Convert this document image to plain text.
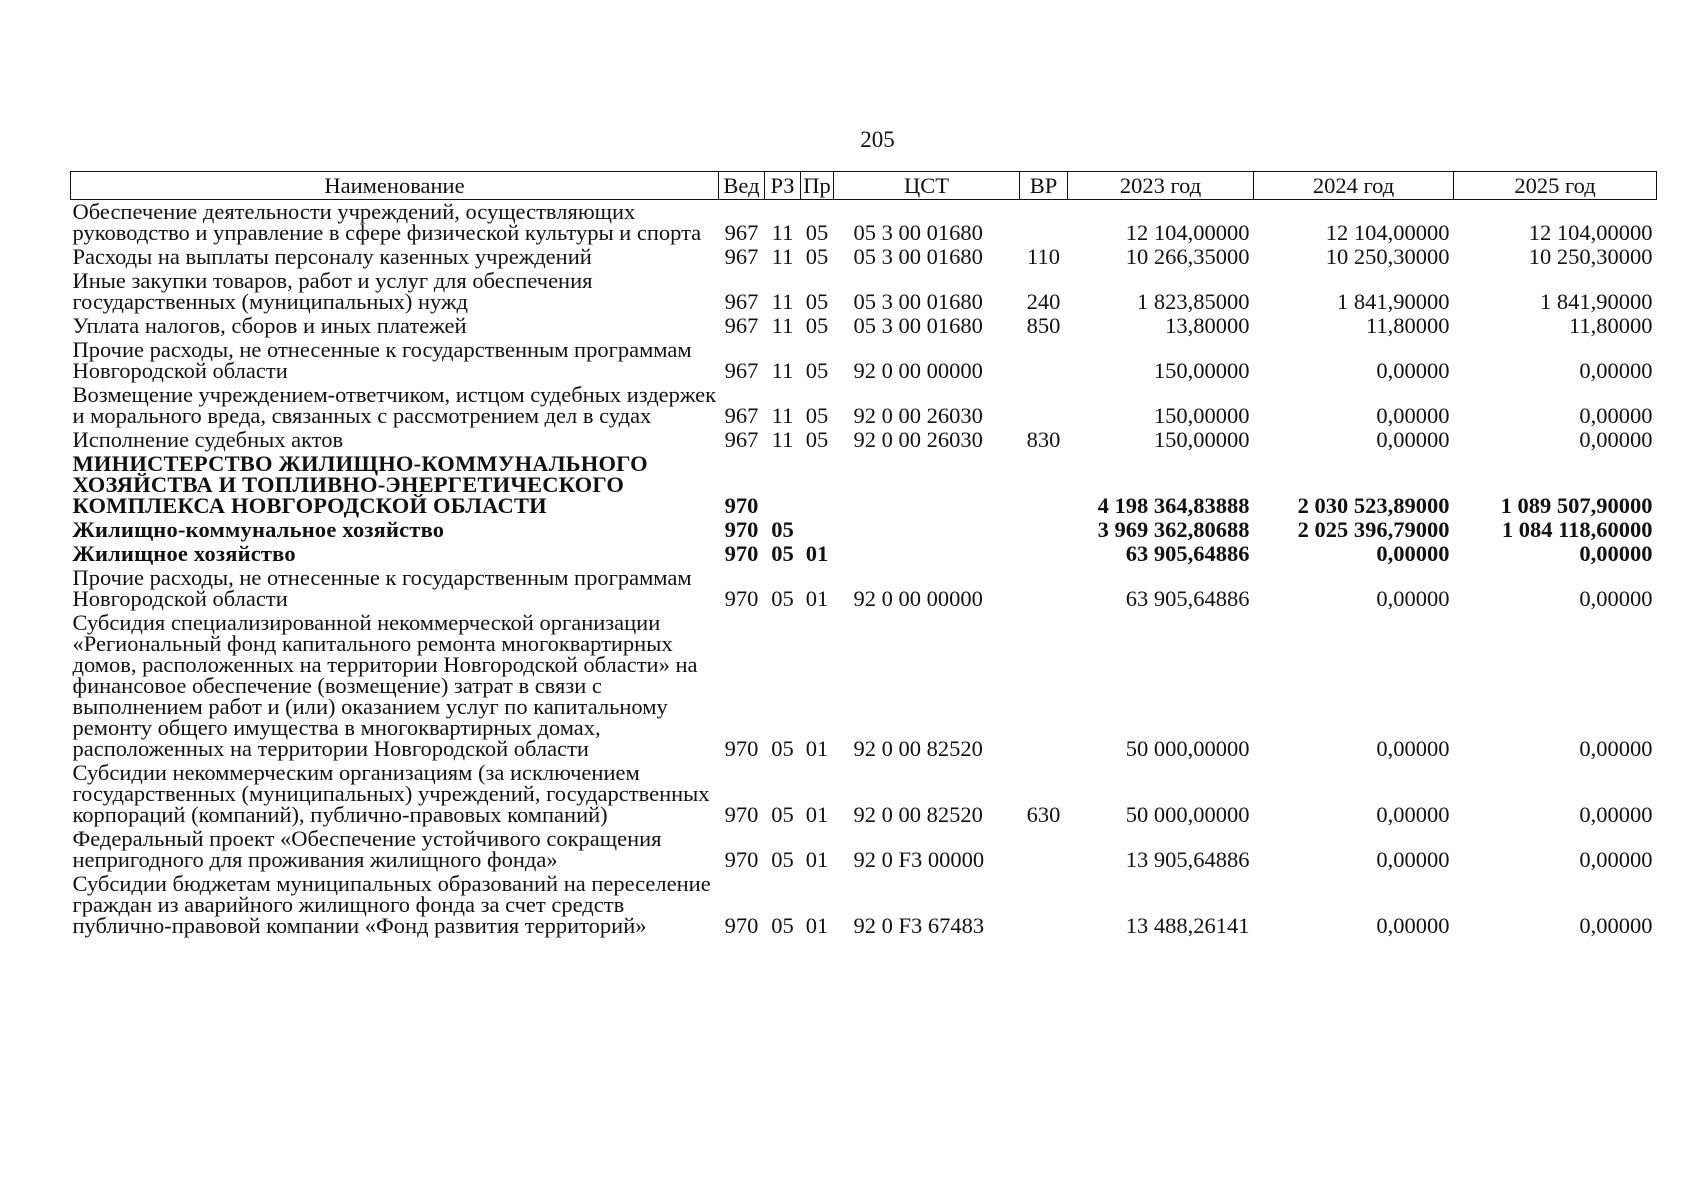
205
Наименование	Вед	РЗ	Пр	ЦСТ	ВР	2023 год	2024 год	2025 год
Обеспечение деятельности учреждений, осуществляющих руководство и управление в сфере физической культуры и спорта	967	11	05	05 3 00 01680		12 104,00000	12 104,00000	12 104,00000
Расходы на выплаты персоналу казенных учреждений	967	11	05	05 3 00 01680	110	10 266,35000	10 250,30000	10 250,30000
Иные закупки товаров, работ и услуг для обеспечения государственных (муниципальных) нужд	967	11	05	05 3 00 01680	240	1 823,85000	1 841,90000	1 841,90000
Уплата налогов, сборов и иных платежей	967	11	05	05 3 00 01680	850	13,80000	11,80000	11,80000
Прочие расходы, не отнесенные к государственным программам Новгородской области	967	11	05	92 0 00 00000		150,00000	0,00000	0,00000
Возмещение учреждением-ответчиком, истцом судебных издержек и морального вреда, связанных с рассмотрением дел в судах	967	11	05	92 0 00 26030		150,00000	0,00000	0,00000
Исполнение судебных актов	967	11	05	92 0 00 26030	830	150,00000	0,00000	0,00000
МИНИСТЕРСТВО ЖИЛИЩНО-КОММУНАЛЬНОГО ХОЗЯЙСТВА И ТОПЛИВНО-ЭНЕРГЕТИЧЕСКОГО КОМПЛЕКСА НОВГОРОДСКОЙ ОБЛАСТИ	970					4 198 364,83888	2 030 523,89000	1 089 507,90000
Жилищно-коммунальное хозяйство	970	05				3 969 362,80688	2 025 396,79000	1 084 118,60000
Жилищное хозяйство	970	05	01			63 905,64886	0,00000	0,00000
Прочие расходы, не отнесенные к государственным программам Новгородской области	970	05	01	92 0 00 00000		63 905,64886	0,00000	0,00000
Субсидия специализированной некоммерческой организации «Региональный фонд капитального ремонта многоквартирных домов, расположенных на территории Новгородской области» на финансовое обеспечение (возмещение) затрат в связи с выполнением работ и (или) оказанием услуг по капитальному ремонту общего имущества в многоквартирных домах, расположенных на территории Новгородской области	970	05	01	92 0 00 82520		50 000,00000	0,00000	0,00000
Субсидии некоммерческим организациям (за исключением государственных (муниципальных) учреждений, государственных корпораций (компаний), публично-правовых компаний)	970	05	01	92 0 00 82520	630	50 000,00000	0,00000	0,00000
Федеральный проект «Обеспечение устойчивого сокращения непригодного для проживания жилищного фонда»	970	05	01	92 0 F3 00000		13 905,64886	0,00000	0,00000
Субсидии бюджетам муниципальных образований на переселение граждан из аварийного жилищного фонда за счет средств публично-правовой компании «Фонд развития территорий»	970	05	01	92 0 F3 67483		13 488,26141	0,00000	0,00000
